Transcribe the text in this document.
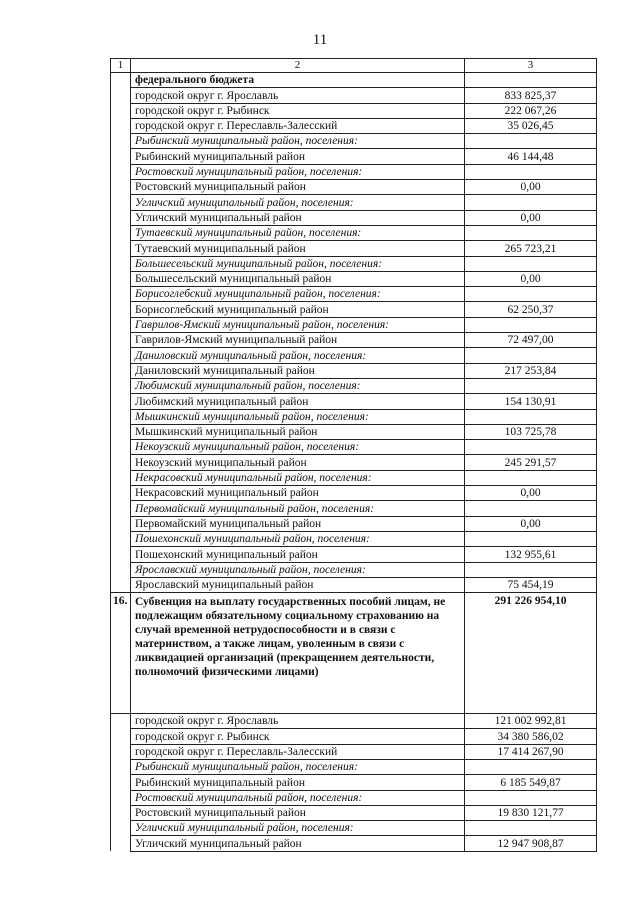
11
1	2	3
	федерального бюджета	
	городской округ г. Ярославль	833 825,37
	городской округ г. Рыбинск	222 067,26
	городской округ г. Переславль-Залесский	35 026,45
	Рыбинский муниципальный район, поселения:	
	Рыбинский муниципальный район	46 144,48
	Ростовский муниципальный район, поселения:	
	Ростовский муниципальный район	0,00
	Угличский муниципальный район, поселения:	
	Угличский муниципальный район	0,00
	Тутаевский муниципальный район, поселения:	
	Тутаевский муниципальный район	265 723,21
	Большесельский муниципальный район, поселения:	
	Большесельский муниципальный район	0,00
	Борисоглебский муниципальный район, поселения:	
	Борисоглебский муниципальный район	62 250,37
	Гаврилов-Ямский муниципальный район, поселения:	
	Гаврилов-Ямский муниципальный район	72 497,00
	Даниловский муниципальный район, поселения:	
	Даниловский муниципальный район	217 253,84
	Любимский муниципальный район, поселения:	
	Любимский муниципальный район	154 130,91
	Мышкинский муниципальный район, поселения:	
	Мышкинский муниципальный район	103 725,78
	Некоузский муниципальный район, поселения:	
	Некоузский муниципальный район	245 291,57
	Некрасовский муниципальный район, поселения:	
	Некрасовский муниципальный район	0,00
	Первомайский муниципальный район, поселения:	
	Первомайский муниципальный район	0,00
	Пошехонский муниципальный район, поселения:	
	Пошехонский муниципальный район	132 955,61
	Ярославский муниципальный район, поселения:	
	Ярославский муниципальный район	75 454,19
16.	Субвенция на выплату государственных пособий лицам, не подлежащим обязательному социальному страхованию на случай временной нетрудоспособности и в связи с материнством, а также лицам, уволенным в связи с ликвидацией организаций (прекращением деятельности, полномочий физическими лицами)	291 226 954,10
	городской округ г. Ярославль	121 002 992,81
	городской округ г. Рыбинск	34 380 586,02
	городской округ г. Переславль-Залесский	17 414 267,90
	Рыбинский муниципальный район, поселения:	
	Рыбинский муниципальный район	6 185 549,87
	Ростовский муниципальный район, поселения:	
	Ростовский муниципальный район	19 830 121,77
	Угличский муниципальный район, поселения:	
	Угличский муниципальный район	12 947 908,87
